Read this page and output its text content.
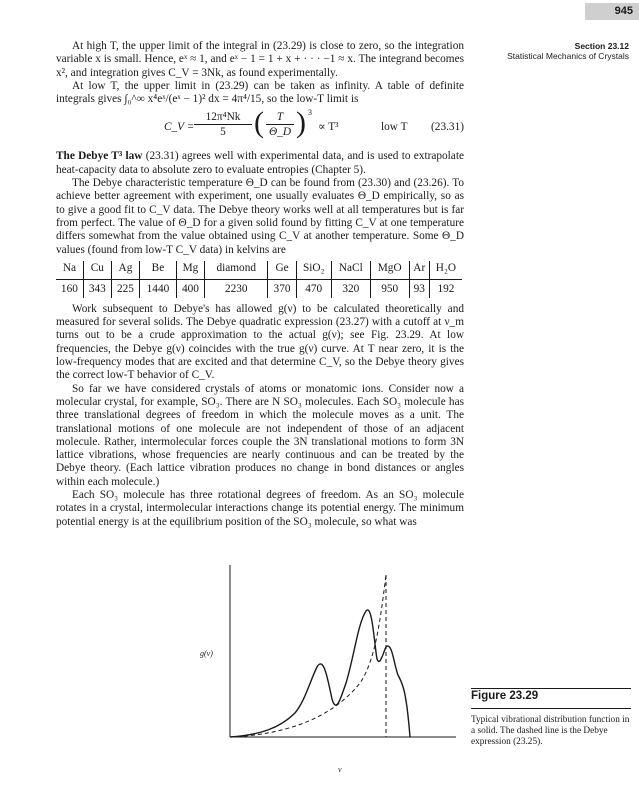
945
Section 23.12
Statistical Mechanics of Crystals

At high T, the upper limit of the integral in (23.29) is close to zero, so the integration variable x is small. Hence, eˣ ≈ 1, and eˣ − 1 = 1 + x + · · · −1 ≈ x. The integrand becomes x², and integration gives C_V = 3Nk, as found experimentally.

At low T, the upper limit in (23.29) can be taken as infinity. A table of definite integrals gives ∫₀^∞ x⁴eˣ/(eˣ − 1)² dx = 4π⁴/15, so the low-T limit is

C_V = $\frac{\text{12π⁴Nk}}{5}$ ( $\frac{T}{\Theta\_D}$ ) 3
∝ T³	low T (23.31)

The Debye T³ law (23.31) agrees well with experimental data, and is used to extrapolate heat-capacity data to absolute zero to evaluate entropies (Chapter 5).

The Debye characteristic temperature Θ_D can be found from (23.30) and (23.26). To achieve better agreement with experiment, one usually evaluates Θ_D empirically, so as to give a good fit to C_V data. The Debye theory works well at all temperatures but is far from perfect. The value of Θ_D for a given solid found by fitting C_V at one temperature differs somewhat from the value obtained using C_V at another temperature. Some Θ_D values (found from low-T C_V data) in kelvins are

Na	Cu	Ag	Be	Mg	diamond	Ge	SiO₂	NaCl	MgO	Ar	H₂O
160	343	225	1440	400	2230	370	470	320	950	93	192

Work subsequent to Debye's has allowed g(ν) to be calculated theoretically and measured for several solids. The Debye quadratic expression (23.27) with a cutoff at ν_m turns out to be a crude approximation to the actual g(ν); see Fig. 23.29. At low frequencies, the Debye g(ν) coincides with the true g(ν) curve. At T near zero, it is the low-frequency modes that are excited and that determine C_V, so the Debye theory gives the correct low-T behavior of C_V.

So far we have considered crystals of atoms or monatomic ions. Consider now a molecular crystal, for example, SO₃. There are N SO₃ molecules. Each SO₃ molecule has three translational degrees of freedom in which the molecule moves as a unit. The translational motions of one molecule are not independent of those of an adjacent molecule. Rather, intermolecular forces couple the 3N translational motions to form 3N lattice vibrations, whose frequencies are nearly continuous and can be treated by the Debye theory. (Each lattice vibration produces no change in bond distances or angles within each molecule.)

Each SO₃ molecule has three rotational degrees of freedom. As an SO₃ molecule rotates in a crystal, intermolecular interactions change its potential energy. The minimum potential energy is at the equilibrium position of the SO₃ molecule, so what was

g(ν)
ν
Figure 23.29
Typical vibrational distribution function in a solid. The dashed line is the Debye expression (23.25).
